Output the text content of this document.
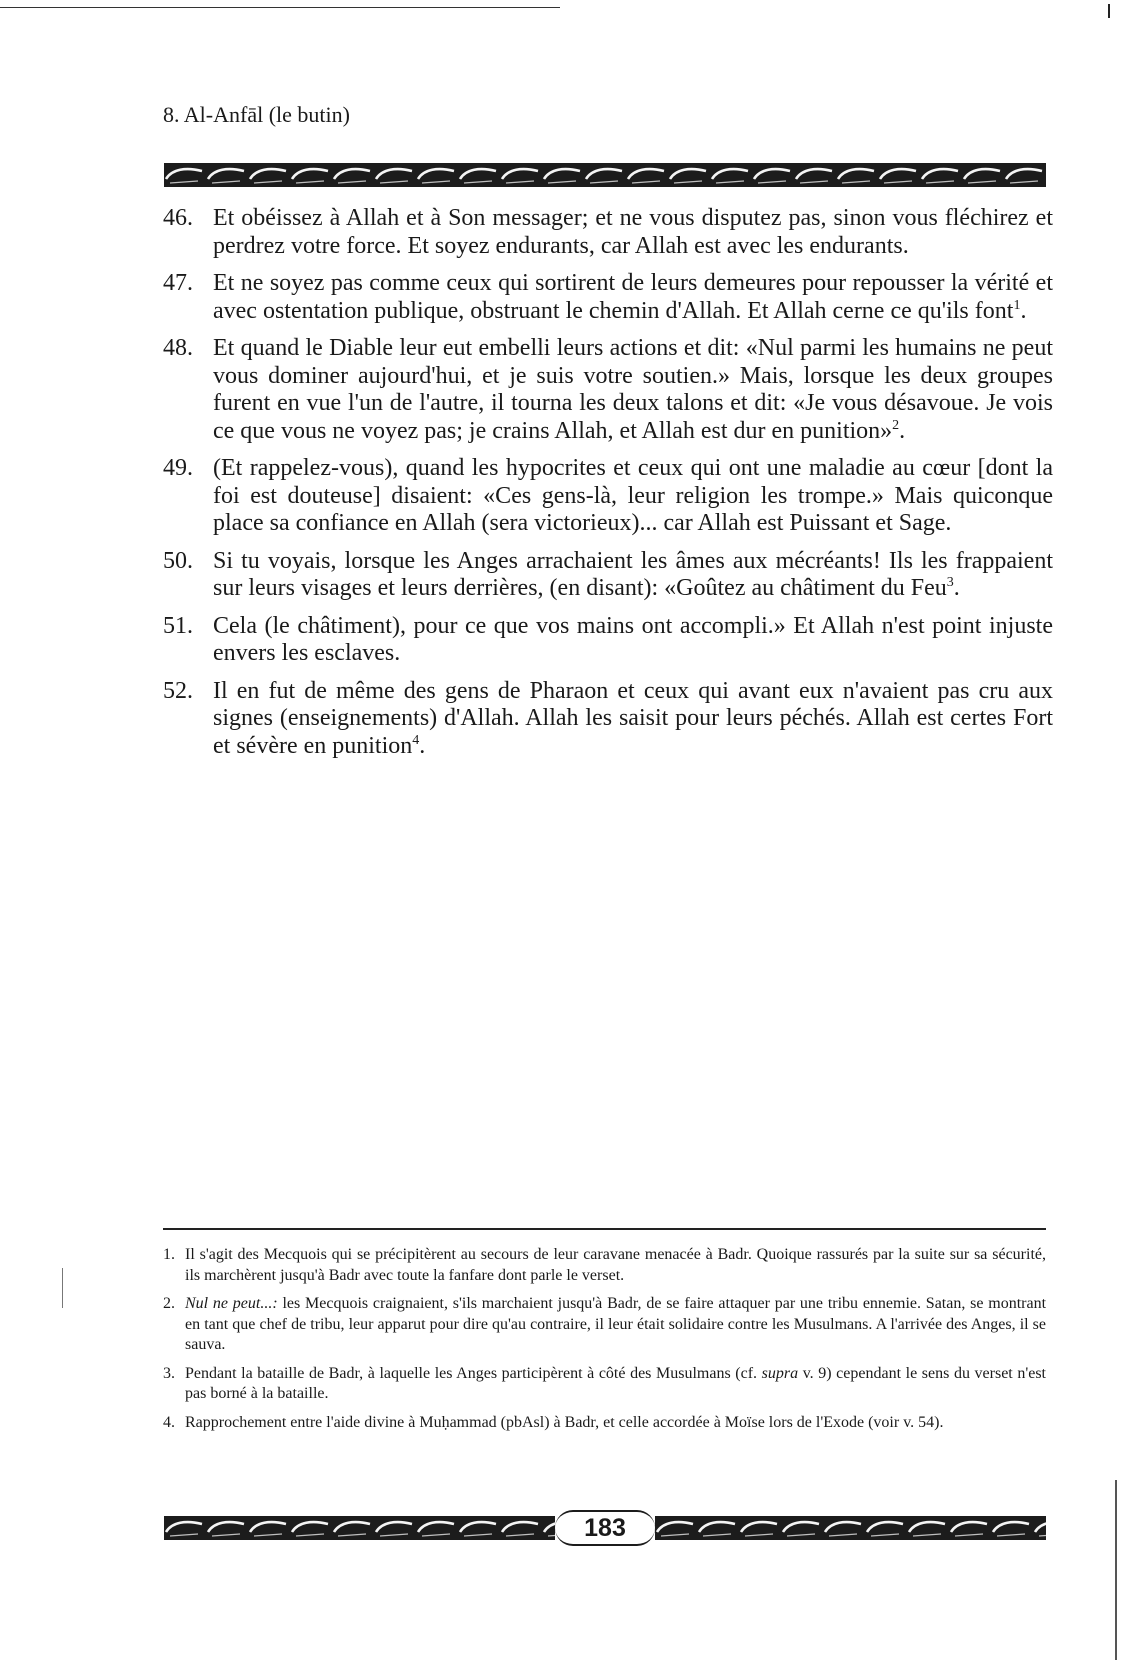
8. Al-Anfāl (le butin)
46. Et obéissez à Allah et à Son messager; et ne vous disputez pas, sinon vous fléchirez et perdrez votre force. Et soyez endurants, car Allah est avec les endurants.
47. Et ne soyez pas comme ceux qui sortirent de leurs demeures pour repousser la vérité et avec ostentation publique, obstruant le chemin d'Allah. Et Allah cerne ce qu'ils font$^1$.
48. Et quand le Diable leur eut embelli leurs actions et dit: «Nul parmi les humains ne peut vous dominer aujourd'hui, et je suis votre soutien.» Mais, lorsque les deux groupes furent en vue l'un de l'autre, il tourna les deux talons et dit: «Je vous désavoue. Je vois ce que vous ne voyez pas; je crains Allah, et Allah est dur en punition»$^2$.
49. (Et rappelez-vous), quand les hypocrites et ceux qui ont une maladie au cœur [dont la foi est douteuse] disaient: «Ces gens-là, leur religion les trompe.» Mais quiconque place sa confiance en Allah (sera victorieux)... car Allah est Puissant et Sage.
50. Si tu voyais, lorsque les Anges arrachaient les âmes aux mécréants! Ils les frappaient sur leurs visages et leurs derrières, (en disant): «Goûtez au châtiment du Feu$^3$.
51. Cela (le châtiment), pour ce que vos mains ont accompli.» Et Allah n'est point injuste envers les esclaves.
52. Il en fut de même des gens de Pharaon et ceux qui avant eux n'avaient pas cru aux signes (enseignements) d'Allah. Allah les saisit pour leurs péchés. Allah est certes Fort et sévère en punition$^4$.
1. Il s'agit des Mecquois qui se précipitèrent au secours de leur caravane menacée à Badr. Quoique rassurés par la suite sur sa sécurité, ils marchèrent jusqu'à Badr avec toute la fanfare dont parle le verset.
2. Nul ne peut...: les Mecquois craignaient, s'ils marchaient jusqu'à Badr, de se faire attaquer par une tribu ennemie. Satan, se montrant en tant que chef de tribu, leur apparut pour dire qu'au contraire, il leur était solidaire contre les Musulmans. A l'arrivée des Anges, il se sauva.
3. Pendant la bataille de Badr, à laquelle les Anges participèrent à côté des Musulmans (cf. supra v. 9) cependant le sens du verset n'est pas borné à la bataille.
4. Rapprochement entre l'aide divine à Muḥammad (pbAsl) à Badr, et celle accordée à Moïse lors de l'Exode (voir v. 54).
183
